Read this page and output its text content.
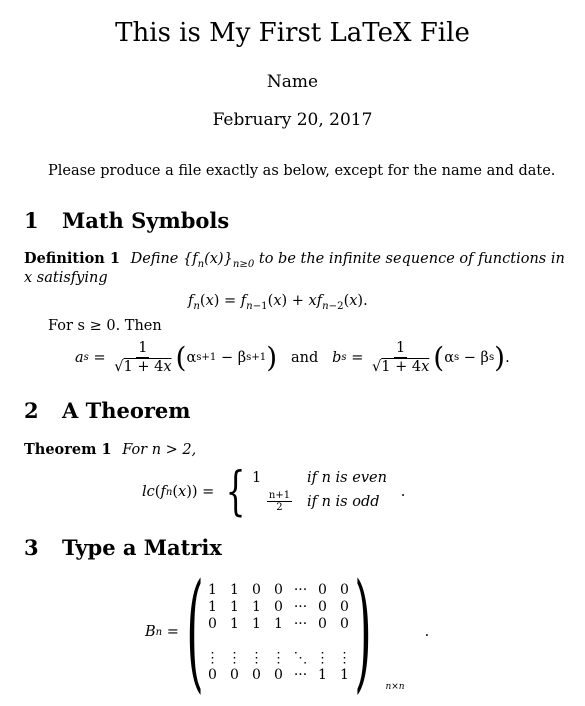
This is My First LaTeX File
Name
February 20, 2017
Please produce a file exactly as below, except for the name and date.
1 Math Symbols
Definition 1 Define $\{f_n(x)\}_{n\ge 0}$ to be the infinite sequence of functions in
x satisfying
$f_n(x) = f_{n-1}(x) + xf_{n-2}(x)$.
For s ≥ 0. Then
a $s = \frac{1}{√1 + 4x}$ ( α s+1 − β s+1 )
and
b $s = \frac{1}{√1 + 4x}$ ( α s − β s ) .
2 A Theorem
Theorem 1 For n > 2,
lc ( f n ( x )) = { 1	if n is even
$\frac{n+1}{2}$ if n is odd
.
3 Type a Matrix
B n = ( 1	1	0	0	···	0	0
1	1	1	0	···	0	0
0	1	1	1	···	0	0

⋮	⋮	⋮	⋮	⋱	⋮	⋮
0	0	0	0	···	1	1 ) n×n
.
